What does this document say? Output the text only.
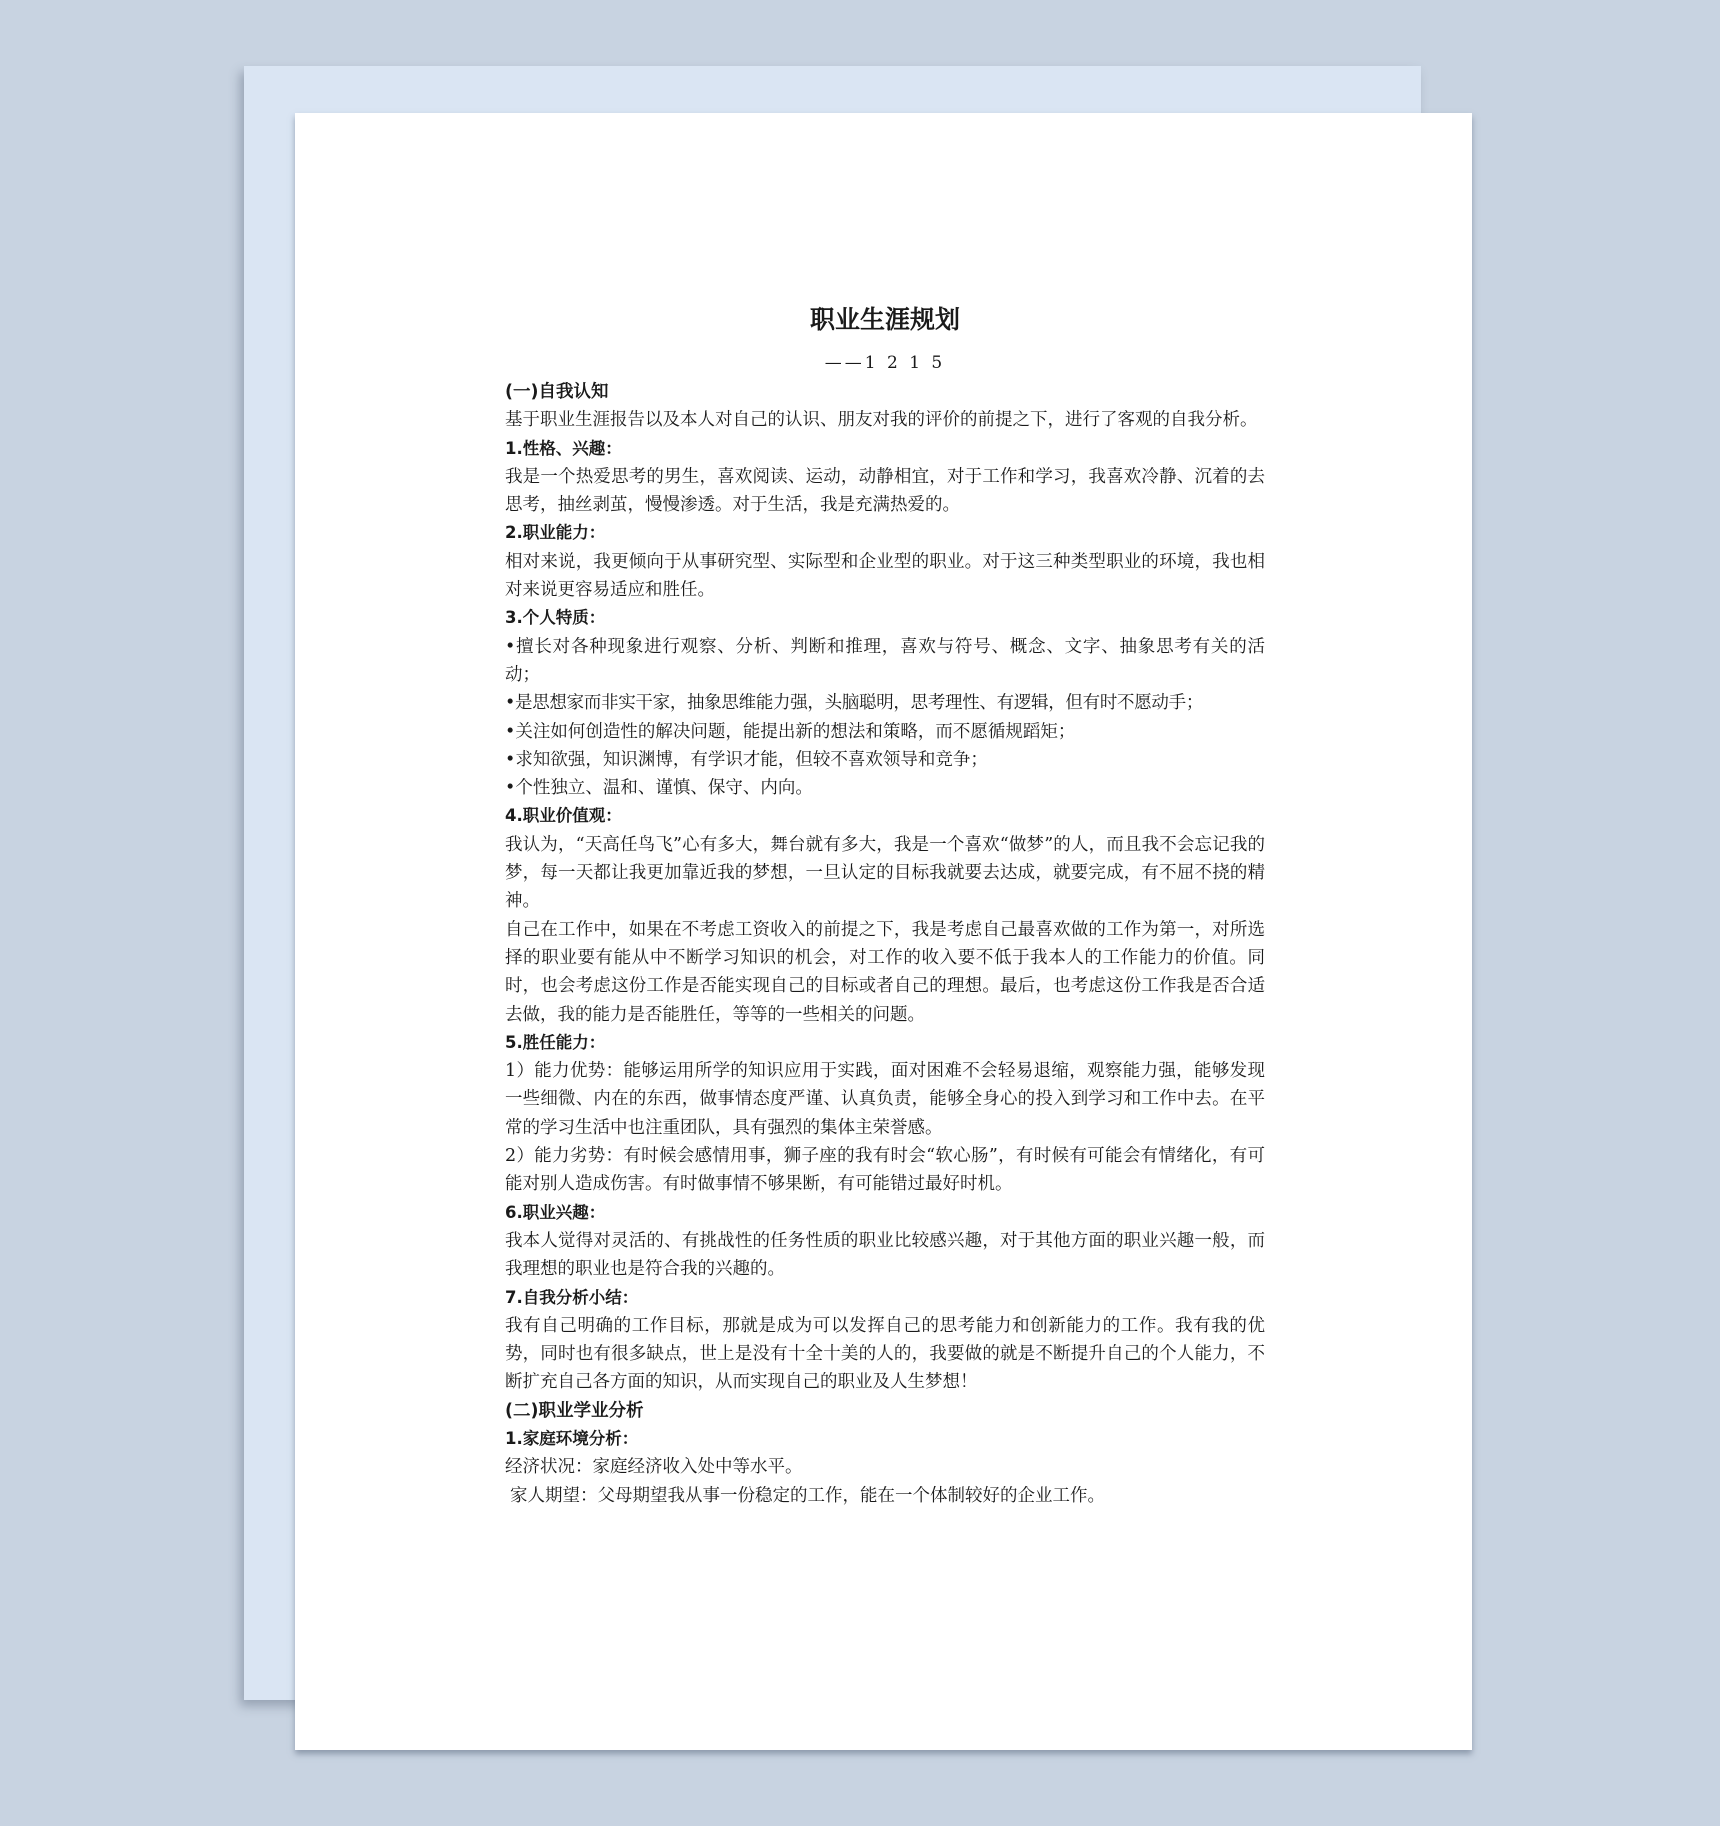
职业生涯规划
——1 2 1 5
(一)自我认知
基于职业生涯报告以及本人对自己的认识、朋友对我的评价的前提之下，进行了客观的自我分析。
1.性格、兴趣：
我是一个热爱思考的男生，喜欢阅读、运动，动静相宜，对于工作和学习，我喜欢冷静、沉着的去思考，抽丝剥茧，慢慢渗透。对于生活，我是充满热爱的。
2.职业能力：
相对来说，我更倾向于从事研究型、实际型和企业型的职业。对于这三种类型职业的环境，我也相对来说更容易适应和胜任。
3.个人特质：
•擅长对各种现象进行观察、分析、判断和推理，喜欢与符号、概念、文字、抽象思考有关的活动；
•是思想家而非实干家，抽象思维能力强，头脑聪明，思考理性、有逻辑，但有时不愿动手；
•关注如何创造性的解决问题，能提出新的想法和策略，而不愿循规蹈矩；
•求知欲强，知识渊博，有学识才能，但较不喜欢领导和竞争；
•个性独立、温和、谨慎、保守、内向。
4.职业价值观：
我认为，“天高任鸟飞”心有多大，舞台就有多大，我是一个喜欢“做梦”的人，而且我不会忘记我的梦，每一天都让我更加靠近我的梦想，一旦认定的目标我就要去达成，就要完成，有不屈不挠的精神。
自己在工作中，如果在不考虑工资收入的前提之下，我是考虑自己最喜欢做的工作为第一，对所选择的职业要有能从中不断学习知识的机会，对工作的收入要不低于我本人的工作能力的价值。同时，也会考虑这份工作是否能实现自己的目标或者自己的理想。最后，也考虑这份工作我是否合适去做，我的能力是否能胜任，等等的一些相关的问题。
5.胜任能力：
1）能力优势：能够运用所学的知识应用于实践，面对困难不会轻易退缩，观察能力强，能够发现一些细微、内在的东西，做事情态度严谨、认真负责，能够全身心的投入到学习和工作中去。在平常的学习生活中也注重团队，具有强烈的集体主荣誉感。
2）能力劣势：有时候会感情用事，狮子座的我有时会“软心肠”，有时候有可能会有情绪化，有可能对别人造成伤害。有时做事情不够果断，有可能错过最好时机。
6.职业兴趣：
我本人觉得对灵活的、有挑战性的任务性质的职业比较感兴趣，对于其他方面的职业兴趣一般，而我理想的职业也是符合我的兴趣的。
7.自我分析小结：
我有自己明确的工作目标，那就是成为可以发挥自己的思考能力和创新能力的工作。我有我的优势，同时也有很多缺点，世上是没有十全十美的人的，我要做的就是不断提升自己的个人能力，不断扩充自己各方面的知识，从而实现自己的职业及人生梦想！
(二)职业学业分析
1.家庭环境分析：
经济状况：家庭经济收入处中等水平。
家人期望：父母期望我从事一份稳定的工作，能在一个体制较好的企业工作。
